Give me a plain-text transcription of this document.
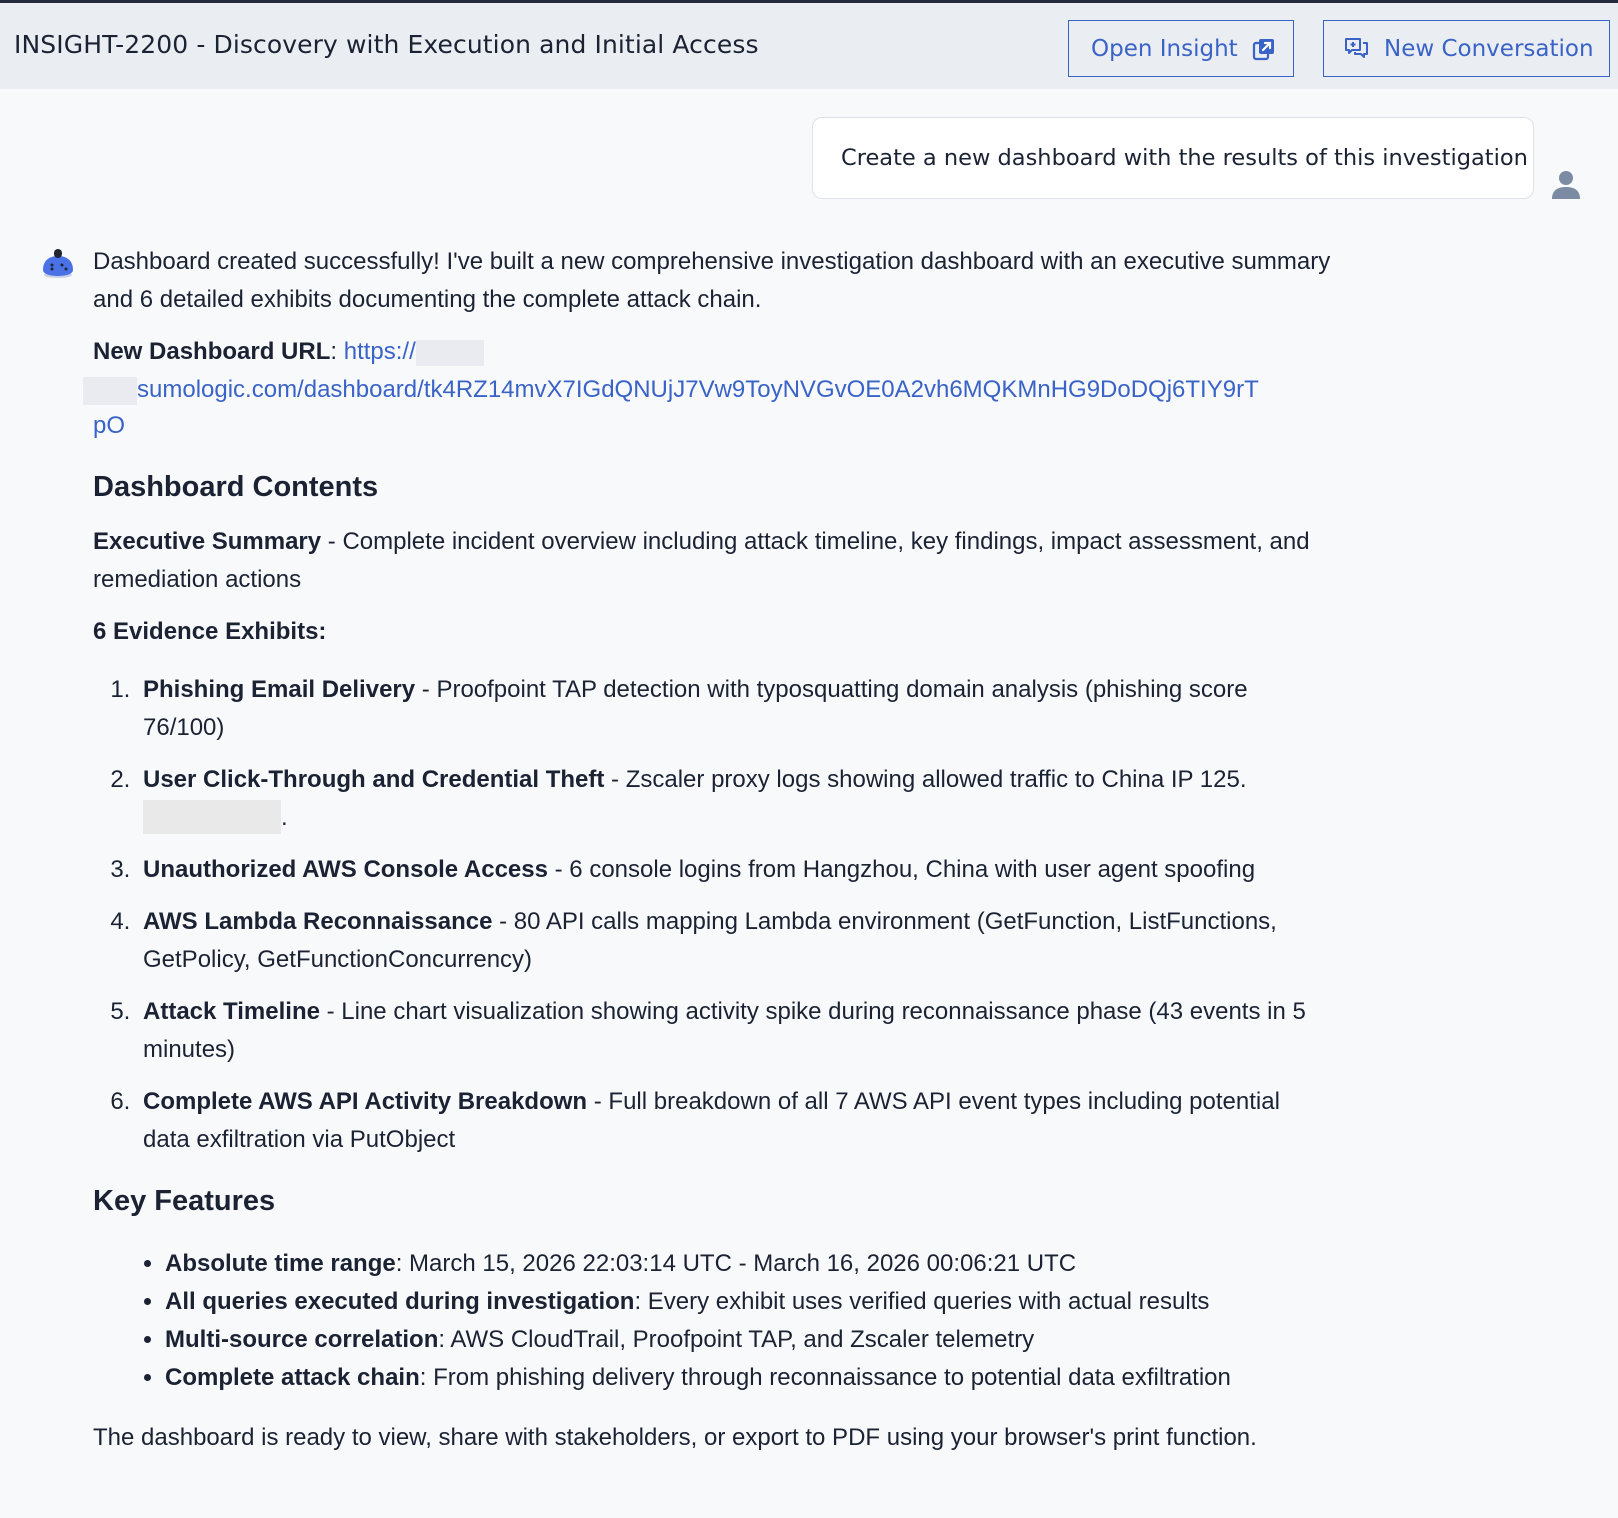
INSIGHT-2200 - Discovery with Execution and Initial Access	Open Insight	New Conversation
Create a new dashboard with the results of this investigation

Dashboard created successfully! I've built a new comprehensive investigation dashboard with an executive summary and 6 detailed exhibits documenting the complete attack chain.

New Dashboard URL: https://
sumologic.com/dashboard/tk4RZ14mvX7IGdQNUjJ7Vw9ToyNVGvOE0A2vh6MQKMnHG9DoDQj6TIY9rT
pO

Dashboard Contents

Executive Summary - Complete incident overview including attack timeline, key findings, impact assessment, and remediation actions

6 Evidence Exhibits:

1. Phishing Email Delivery - Proofpoint TAP detection with typosquatting domain analysis (phishing score 76/100)
2. User Click-Through and Credential Theft - Zscaler proxy logs showing allowed traffic to China IP 125..
3. Unauthorized AWS Console Access - 6 console logins from Hangzhou, China with user agent spoofing
4. AWS Lambda Reconnaissance - 80 API calls mapping Lambda environment (GetFunction, ListFunctions, GetPolicy, GetFunctionConcurrency)
5. Attack Timeline - Line chart visualization showing activity spike during reconnaissance phase (43 events in 5 minutes)
6. Complete AWS API Activity Breakdown - Full breakdown of all 7 AWS API event types including potential data exfiltration via PutObject
Key Features
• Absolute time range: March 15, 2026 22:03:14 UTC - March 16, 2026 00:06:21 UTC
• All queries executed during investigation: Every exhibit uses verified queries with actual results
• Multi-source correlation: AWS CloudTrail, Proofpoint TAP, and Zscaler telemetry
• Complete attack chain: From phishing delivery through reconnaissance to potential data exfiltration

The dashboard is ready to view, share with stakeholders, or export to PDF using your browser's print function.
